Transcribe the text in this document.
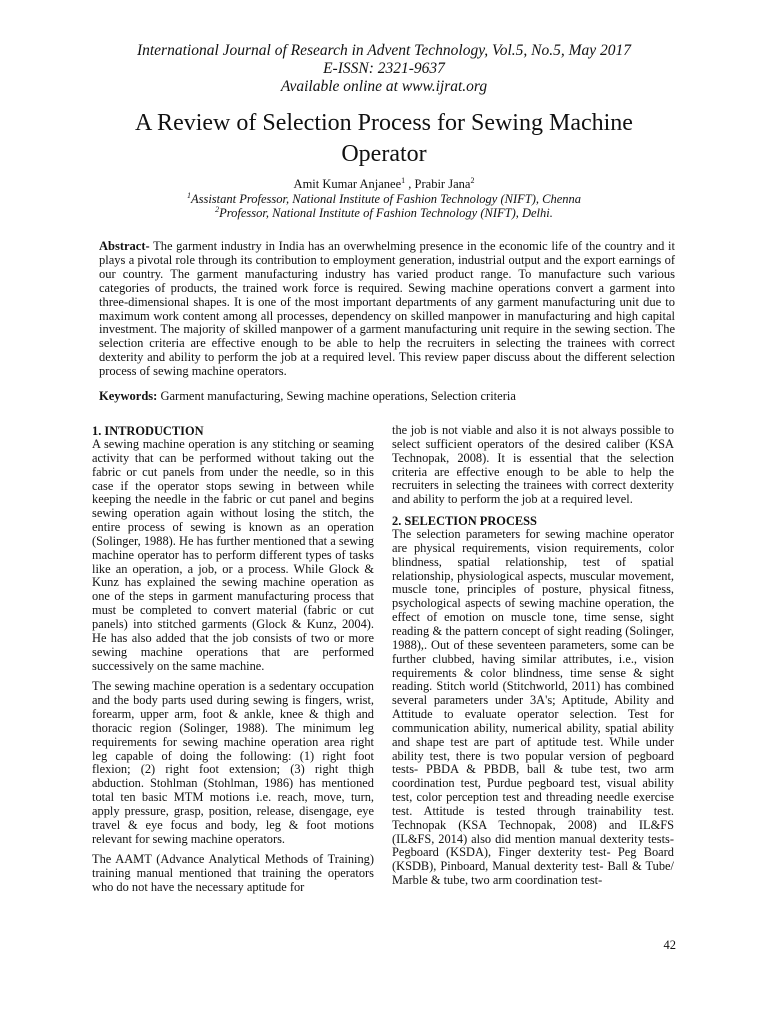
International Journal of Research in Advent Technology, Vol.5, No.5, May 2017
E-ISSN: 2321-9637
Available online at www.ijrat.org
A Review of Selection Process for Sewing Machine
Operator
Amit Kumar Anjanee$^1$ , Prabir Jana$^2$
$^1$Assistant Professor, National Institute of Fashion Technology (NIFT), Chenna
$^2$Professor, National Institute of Fashion Technology (NIFT), Delhi.
Abstract- The garment industry in India has an overwhelming presence in the economic life of the country and it plays a pivotal role through its contribution to employment generation, industrial output and the export earnings of our country. The garment manufacturing industry has varied product range. To manufacture such various categories of products, the trained work force is required. Sewing machine operations convert a garment into three-dimensional shapes. It is one of the most important departments of any garment manufacturing unit due to maximum work content among all processes, dependency on skilled manpower in manufacturing and high capital investment. The majority of skilled manpower of a garment manufacturing unit require in the sewing section. The selection criteria are effective enough to be able to help the recruiters in selecting the trainees with correct dexterity and ability to perform the job at a required level. This review paper discuss about the different selection process of sewing machine operators.
Keywords: Garment manufacturing, Sewing machine operations, Selection criteria
1. INTRODUCTION

A sewing machine operation is any stitching or seaming activity that can be performed without taking out the fabric or cut panels from under the needle, so in this case if the operator stops sewing in between while keeping the needle in the fabric or cut panel and begins sewing operation again without losing the stitch, the entire process of sewing is known as an operation (Solinger, 1988). He has further mentioned that a sewing machine operator has to perform different types of tasks like an operation, a job, or a process. While Glock & Kunz has explained the sewing machine operation as one of the steps in garment manufacturing process that must be completed to convert material (fabric or cut panels) into stitched garments (Glock & Kunz, 2004). He has also added that the job consists of two or more sewing machine operations that are performed successively on the same machine.

The sewing machine operation is a sedentary occupation and the body parts used during sewing is fingers, wrist, forearm, upper arm, foot & ankle, knee & thigh and thoracic region (Solinger, 1988). The minimum leg requirements for sewing machine operation area right leg capable of doing the following: (1) right foot flexion; (2) right foot extension; (3) right thigh abduction. Stohlman (Stohlman, 1986) has mentioned total ten basic MTM motions i.e. reach, move, turn, apply pressure, grasp, position, release, disengage, eye travel & eye focus and body, leg & foot motions relevant for sewing machine operators.

The AAMT (Advance Analytical Methods of Training) training manual mentioned that training the operators who do not have the necessary aptitude for

the job is not viable and also it is not always possible to select sufficient operators of the desired caliber (KSA Technopak, 2008). It is essential that the selection criteria are effective enough to be able to help the recruiters in selecting the trainees with correct dexterity and ability to perform the job at a required level.

2. SELECTION PROCESS

The selection parameters for sewing machine operator are physical requirements, vision requirements, color blindness, spatial relationship, test of spatial relationship, physiological aspects, muscular movement, muscle tone, principles of posture, physical fitness, psychological aspects of sewing machine operation, the effect of emotion on muscle tone, time sense, sight reading & the pattern concept of sight reading (Solinger, 1988),. Out of these seventeen parameters, some can be further clubbed, having similar attributes, i.e., vision requirements & color blindness, time sense & sight reading. Stitch world (Stitchworld, 2011) has combined several parameters under 3A's; Aptitude, Ability and Attitude to evaluate operator selection. Test for communication ability, numerical ability, spatial ability and shape test are part of aptitude test. While under ability test, there is two popular version of pegboard tests- PBDA & PBDB, ball & tube test, two arm coordination test, Purdue pegboard test, visual ability test, color perception test and threading needle exercise test. Attitude is tested through trainability test. Technopak (KSA Technopak, 2008) and IL&FS (IL&FS, 2014) also did mention manual dexterity tests- Pegboard (KSDA), Finger dexterity test- Peg Board (KSDB), Pinboard, Manual dexterity test- Ball & Tube/ Marble & tube, two arm coordination test-

42
